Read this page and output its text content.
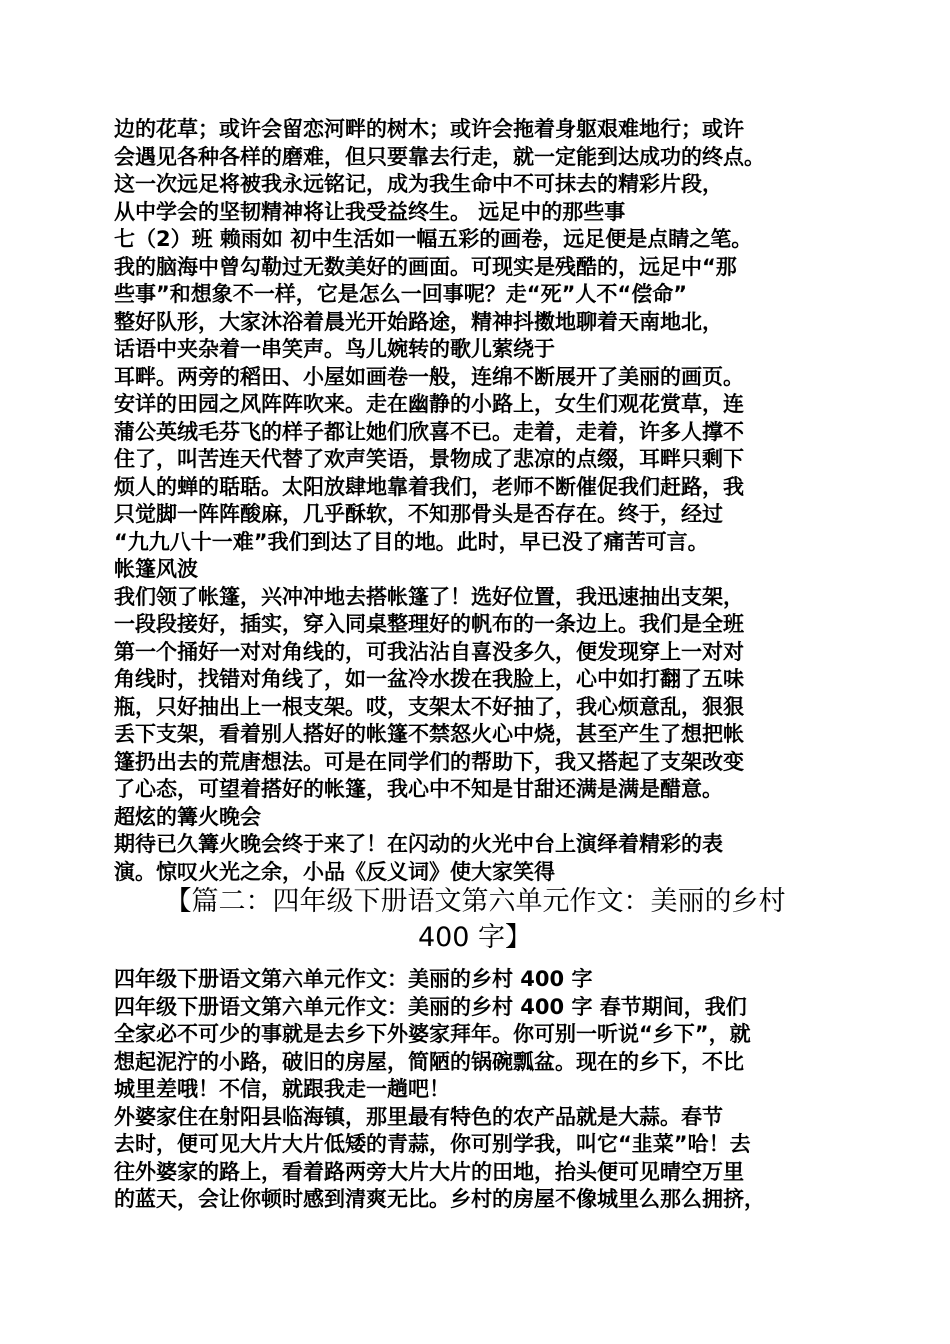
边的花草；或许会留恋河畔的树木；或许会拖着身躯艰难地行；或许
会遇见各种各样的磨难，但只要靠去行走，就一定能到达成功的终点。
这一次远足将被我永远铭记，成为我生命中不可抹去的精彩片段，
从中学会的坚韧精神将让我受益终生。 远足中的那些事
七（2）班 赖雨如 初中生活如一幅五彩的画卷，远足便是点睛之笔。
我的脑海中曾勾勒过无数美好的画面。可现实是残酷的，远足中“那
些事”和想象不一样，它是怎么一回事呢？走“死”人不“偿命”
整好队形，大家沐浴着晨光开始路途，精神抖擞地聊着天南地北，
话语中夹杂着一串笑声。鸟儿婉转的歌儿萦绕于
耳畔。两旁的稻田、小屋如画卷一般，连绵不断展开了美丽的画页。
安详的田园之风阵阵吹来。走在幽静的小路上，女生们观花赏草，连
蒲公英绒毛芬飞的样子都让她们欣喜不已。走着，走着，许多人撑不
住了，叫苦连天代替了欢声笑语，景物成了悲凉的点缀，耳畔只剩下
烦人的蝉的聒聒。太阳放肆地靠着我们，老师不断催促我们赶路，我
只觉脚一阵阵酸麻，几乎酥软，不知那骨头是否存在。终于，经过
“九九八十一难”我们到达了目的地。此时，早已没了痛苦可言。
帐篷风波
我们领了帐篷，兴冲冲地去搭帐篷了！选好位置，我迅速抽出支架，
一段段接好，插实，穿入同桌整理好的帆布的一条边上。我们是全班
第一个捅好一对对角线的，可我沾沾自喜没多久，便发现穿上一对对
角线时，找错对角线了，如一盆冷水拨在我脸上，心中如打翻了五味
瓶，只好抽出上一根支架。哎，支架太不好抽了，我心烦意乱，狠狠
丢下支架，看着别人搭好的帐篷不禁怒火心中烧，甚至产生了想把帐
篷扔出去的荒唐想法。可是在同学们的帮助下，我又搭起了支架改变
了心态，可望着搭好的帐篷，我心中不知是甘甜还满是满是醋意。
超炫的篝火晚会
期待已久篝火晚会终于来了！在闪动的火光中台上演绎着精彩的表
演。惊叹火光之余，小品《反义词》使大家笑得
【篇二：四年级下册语文第六单元作文：美丽的乡村
400 字】
四年级下册语文第六单元作文：美丽的乡村 400 字
四年级下册语文第六单元作文：美丽的乡村 400 字 春节期间，我们
全家必不可少的事就是去乡下外婆家拜年。你可别一听说“乡下”，就
想起泥泞的小路，破旧的房屋，简陋的锅碗瓢盆。现在的乡下，不比
城里差哦！不信，就跟我走一趟吧！
外婆家住在射阳县临海镇，那里最有特色的农产品就是大蒜。春节
去时，便可见大片大片低矮的青蒜，你可别学我，叫它“韭菜”哈！去
往外婆家的路上，看着路两旁大片大片的田地，抬头便可见晴空万里
的蓝天，会让你顿时感到清爽无比。乡村的房屋不像城里么那么拥挤，
